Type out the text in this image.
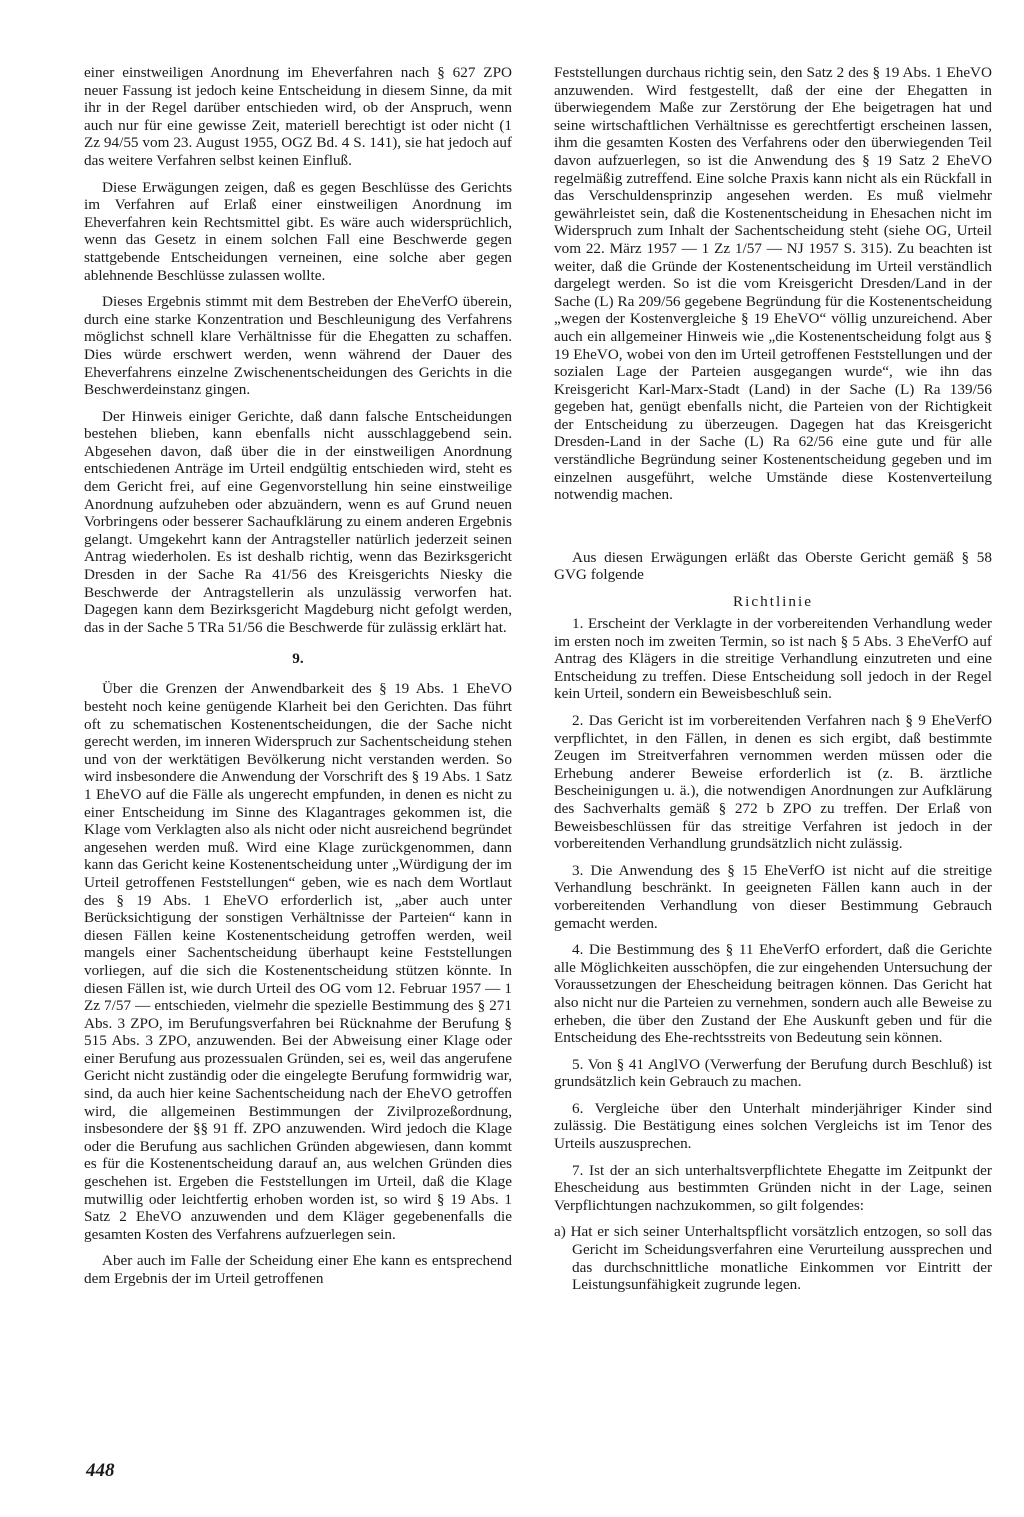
einer einstweiligen Anordnung im Eheverfahren nach § 627 ZPO neuer Fassung ist jedoch keine Entscheidung in diesem Sinne, da mit ihr in der Regel darüber entschieden wird, ob der Anspruch, wenn auch nur für eine gewisse Zeit, materiell berechtigt ist oder nicht (1 Zz 94/55 vom 23. August 1955, OGZ Bd. 4 S. 141), sie hat jedoch auf das weitere Verfahren selbst keinen Einfluß.

Diese Erwägungen zeigen, daß es gegen Beschlüsse des Gerichts im Verfahren auf Erlaß einer einstweiligen Anordnung im Eheverfahren kein Rechtsmittel gibt. Es wäre auch widersprüchlich, wenn das Gesetz in einem solchen Fall eine Beschwerde gegen stattgebende Entscheidungen verneinen, eine solche aber gegen ablehnende Beschlüsse zulassen wollte.

Dieses Ergebnis stimmt mit dem Bestreben der EheVerfO überein, durch eine starke Konzentration und Beschleunigung des Verfahrens möglichst schnell klare Verhältnisse für die Ehegatten zu schaffen. Dies würde erschwert werden, wenn während der Dauer des Eheverfahrens einzelne Zwischenentscheidungen des Gerichts in die Beschwerdeinstanz gingen.

Der Hinweis einiger Gerichte, daß dann falsche Entscheidungen bestehen blieben, kann ebenfalls nicht ausschlaggebend sein. Abgesehen davon, daß über die in der einstweiligen Anordnung entschiedenen Anträge im Urteil endgültig entschieden wird, steht es dem Gericht frei, auf eine Gegenvorstellung hin seine einstweilige Anordnung aufzuheben oder abzuändern, wenn es auf Grund neuen Vorbringens oder besserer Sachaufklärung zu einem anderen Ergebnis gelangt. Umgekehrt kann der Antragsteller natürlich jederzeit seinen Antrag wiederholen. Es ist deshalb richtig, wenn das Bezirksgericht Dresden in der Sache Ra 41/56 des Kreisgerichts Niesky die Beschwerde der Antragstellerin als unzulässig verworfen hat. Dagegen kann dem Bezirksgericht Magdeburg nicht gefolgt werden, das in der Sache 5 TRa 51/56 die Beschwerde für zulässig erklärt hat.

9.

Über die Grenzen der Anwendbarkeit des § 19 Abs. 1 EheVO besteht noch keine genügende Klarheit bei den Gerichten. Das führt oft zu schematischen Kostenentscheidungen, die der Sache nicht gerecht werden, im inneren Widerspruch zur Sachentscheidung stehen und von der werktätigen Bevölkerung nicht verstanden werden. So wird insbesondere die Anwendung der Vorschrift des § 19 Abs. 1 Satz 1 EheVO auf die Fälle als ungerecht empfunden, in denen es nicht zu einer Entscheidung im Sinne des Klagantrages gekommen ist, die Klage vom Verklagten also als nicht oder nicht ausreichend begründet angesehen werden muß. Wird eine Klage zurückgenommen, dann kann das Gericht keine Kostenentscheidung unter „Würdigung der im Urteil getroffenen Feststellungen“ geben, wie es nach dem Wortlaut des § 19 Abs. 1 EheVO erforderlich ist, „aber auch unter Berücksichtigung der sonstigen Verhältnisse der Parteien“ kann in diesen Fällen keine Kostenentscheidung getroffen werden, weil mangels einer Sachentscheidung überhaupt keine Feststellungen vorliegen, auf die sich die Kostenentscheidung stützen könnte. In diesen Fällen ist, wie durch Urteil des OG vom 12. Februar 1957 — 1 Zz 7/57 — entschieden, vielmehr die spezielle Bestimmung des § 271 Abs. 3 ZPO, im Berufungsverfahren bei Rücknahme der Berufung § 515 Abs. 3 ZPO, anzuwenden. Bei der Abweisung einer Klage oder einer Berufung aus prozessualen Gründen, sei es, weil das angerufene Gericht nicht zuständig oder die eingelegte Berufung formwidrig war, sind, da auch hier keine Sachentscheidung nach der EheVO getroffen wird, die allgemeinen Bestimmungen der Zivilprozeßordnung, insbesondere der §§ 91 ff. ZPO anzuwenden. Wird jedoch die Klage oder die Berufung aus sachlichen Gründen abgewiesen, dann kommt es für die Kostenentscheidung darauf an, aus welchen Gründen dies geschehen ist. Ergeben die Feststellungen im Urteil, daß die Klage mutwillig oder leichtfertig erhoben worden ist, so wird § 19 Abs. 1 Satz 2 EheVO anzuwenden und dem Kläger gegebenenfalls die gesamten Kosten des Verfahrens aufzuerlegen sein.

Aber auch im Falle der Scheidung einer Ehe kann es entsprechend dem Ergebnis der im Urteil getroffenen

Feststellungen durchaus richtig sein, den Satz 2 des § 19 Abs. 1 EheVO anzuwenden. Wird festgestellt, daß der eine der Ehegatten in überwiegendem Maße zur Zerstörung der Ehe beigetragen hat und seine wirtschaftlichen Verhältnisse es gerechtfertigt erscheinen lassen, ihm die gesamten Kosten des Verfahrens oder den überwiegenden Teil davon aufzuerlegen, so ist die Anwendung des § 19 Satz 2 EheVO regelmäßig zutreffend. Eine solche Praxis kann nicht als ein Rückfall in das Verschuldensprinzip angesehen werden. Es muß vielmehr gewährleistet sein, daß die Kostenentscheidung in Ehesachen nicht im Widerspruch zum Inhalt der Sachentscheidung steht (siehe OG, Urteil vom 22. März 1957 — 1 Zz 1/57 — NJ 1957 S. 315). Zu beachten ist weiter, daß die Gründe der Kostenentscheidung im Urteil verständlich dargelegt werden. So ist die vom Kreisgericht Dresden/Land in der Sache (L) Ra 209/56 gegebene Begründung für die Kostenentscheidung „wegen der Kostenvergleiche § 19 EheVO“ völlig unzureichend. Aber auch ein allgemeiner Hinweis wie „die Kostenentscheidung folgt aus § 19 EheVO, wobei von den im Urteil getroffenen Feststellungen und der sozialen Lage der Parteien ausgegangen wurde“, wie ihn das Kreisgericht Karl-Marx-Stadt (Land) in der Sache (L) Ra 139/56 gegeben hat, genügt ebenfalls nicht, die Parteien von der Richtigkeit der Entscheidung zu überzeugen. Dagegen hat das Kreisgericht Dresden-Land in der Sache (L) Ra 62/56 eine gute und für alle verständliche Begründung seiner Kostenentscheidung gegeben und im einzelnen ausgeführt, welche Umstände diese Kostenverteilung notwendig machen.

Aus diesen Erwägungen erläßt das Oberste Gericht gemäß § 58 GVG folgende

Richtlinie

1. Erscheint der Verklagte in der vorbereitenden Verhandlung weder im ersten noch im zweiten Termin, so ist nach § 5 Abs. 3 EheVerfO auf Antrag des Klägers in die streitige Verhandlung einzutreten und eine Entscheidung zu treffen. Diese Entscheidung soll jedoch in der Regel kein Urteil, sondern ein Beweisbeschluß sein.

2. Das Gericht ist im vorbereitenden Verfahren nach § 9 EheVerfO verpflichtet, in den Fällen, in denen es sich ergibt, daß bestimmte Zeugen im Streitverfahren vernommen werden müssen oder die Erhebung anderer Beweise erforderlich ist (z. B. ärztliche Bescheinigungen u. ä.), die notwendigen Anordnungen zur Aufklärung des Sachverhalts gemäß § 272 b ZPO zu treffen. Der Erlaß von Beweisbeschlüssen für das streitige Verfahren ist jedoch in der vorbereitenden Verhandlung grundsätzlich nicht zulässig.

3. Die Anwendung des § 15 EheVerfO ist nicht auf die streitige Verhandlung beschränkt. In geeigneten Fällen kann auch in der vorbereitenden Verhandlung von dieser Bestimmung Gebrauch gemacht werden.

4. Die Bestimmung des § 11 EheVerfO erfordert, daß die Gerichte alle Möglichkeiten ausschöpfen, die zur eingehenden Untersuchung der Voraussetzungen der Ehescheidung beitragen können. Das Gericht hat also nicht nur die Parteien zu vernehmen, sondern auch alle Beweise zu erheben, die über den Zustand der Ehe Auskunft geben und für die Entscheidung des Ehe-rechtsstreits von Bedeutung sein können.

5. Von § 41 AnglVO (Verwerfung der Berufung durch Beschluß) ist grundsätzlich kein Gebrauch zu machen.

6. Vergleiche über den Unterhalt minderjähriger Kinder sind zulässig. Die Bestätigung eines solchen Vergleichs ist im Tenor des Urteils auszusprechen.

7. Ist der an sich unterhaltsverpflichtete Ehegatte im Zeitpunkt der Ehescheidung aus bestimmten Gründen nicht in der Lage, seinen Verpflichtungen nachzukommen, so gilt folgendes:

a) Hat er sich seiner Unterhaltspflicht vorsätzlich entzogen, so soll das Gericht im Scheidungsverfahren eine Verurteilung aussprechen und das durchschnittliche monatliche Einkommen vor Eintritt der Leistungsunfähigkeit zugrunde legen.

448
